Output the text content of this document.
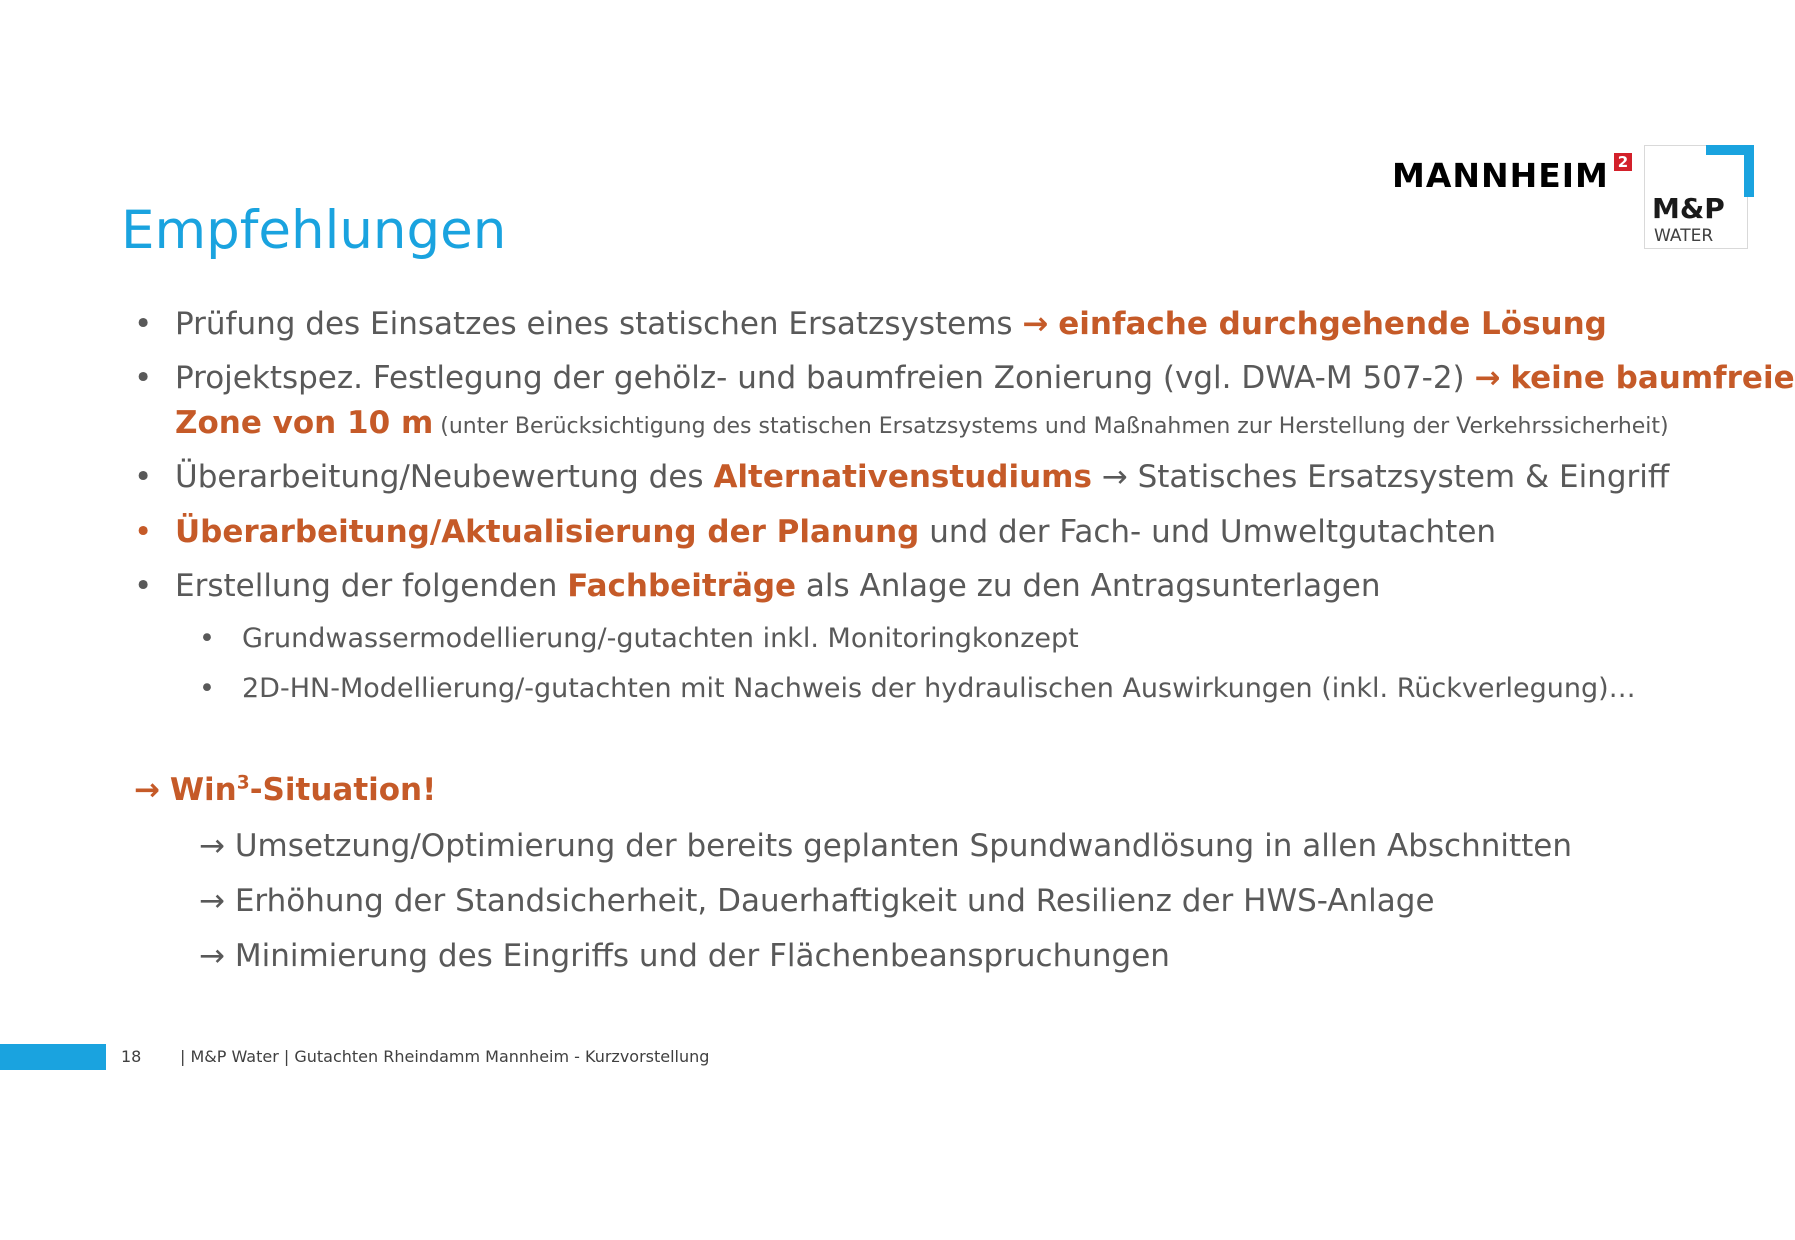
Empfehlungen
MANNHEIM 2
M&P
WATER
• Prüfung des Einsatzes eines statischen Ersatzsystems → einfache durchgehende Lösung
• Projektspez. Festlegung der gehölz- und baumfreien Zonierung (vgl. DWA-M 507-2) → keine baumfreie
Zone von 10 m (unter Berücksichtigung des statischen Ersatzsystems und Maßnahmen zur Herstellung der Verkehrssicherheit)
• Überarbeitung/Neubewertung des Alternativenstudiums → Statisches Ersatzsystem & Eingriff
• Überarbeitung/Aktualisierung der Planung und der Fach- und Umweltgutachten
• Erstellung der folgenden Fachbeiträge als Anlage zu den Antragsunterlagen
• Grundwassermodellierung/-gutachten inkl. Monitoringkonzept
• 2D-HN-Modellierung/-gutachten mit Nachweis der hydraulischen Auswirkungen (inkl. Rückverlegung)…
→ Win$^3$-Situation!
→ Umsetzung/Optimierung der bereits geplanten Spundwandlösung in allen Abschnitten
→ Erhöhung der Standsicherheit, Dauerhaftigkeit und Resilienz der HWS-Anlage
→ Minimierung des Eingriffs und der Flächenbeanspruchungen
18 | M&P Water | Gutachten Rheindamm Mannheim - Kurzvorstellung
